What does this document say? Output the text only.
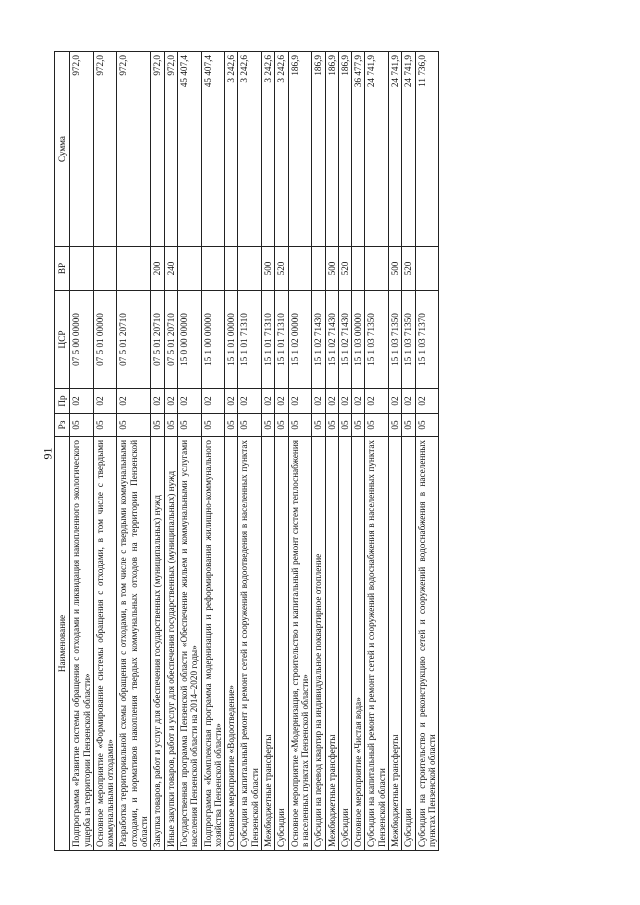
91
Наименование	Рз	Пр	ЦСР	ВР	Сумма
Подпрограмма «Развитие системы обращения с отходами и ликвидация накопленного экологического ущерба на территории Пензенской области»	05	02	07 5 00 00000		972,0
Основное мероприятие «Формирование системы обращения с отходами, в том числе с твердыми коммунальными отходами»	05	02	07 5 01 00000		972,0
Разработка территориальной схемы обращения с отходами, в том числе с твердыми коммунальными отходами, и нормативов накопления твердых коммунальных отходов на территории Пензенской области	05	02	07 5 01 20710		972,0
Закупка товаров, работ и услуг для обеспечения государственных (муниципальных) нужд	05	02	07 5 01 20710	200	972,0
Иные закупки товаров, работ и услуг для обеспечения государственных (муниципальных) нужд	05	02	07 5 01 20710	240	972,0
Государственная программа Пензенской области «Обеспечение жильем и коммунальными услугами населения Пензенской области на 2014–2020 годы»	05	02	15 0 00 00000		45 407,4
Подпрограмма «Комплексная программа модернизации и реформирования жилищно-коммунального хозяйства Пензенской области»	05	02	15 1 00 00000		45 407,4
Основное мероприятие «Водоотведение»	05	02	15 1 01 00000		3 242,6
Субсидии на капитальный ремонт и ремонт сетей и сооружений водоотведения в населенных пунктах Пензенской области	05	02	15 1 01 71310		3 242,6
Межбюджетные трансферты	05	02	15 1 01 71310	500	3 242,6
Субсидии	05	02	15 1 01 71310	520	3 242,6
Основное мероприятие «Модернизация, строительство и капитальный ремонт систем теплоснабжения в населенных пунктах Пензенской области»	05	02	15 1 02 00000		186,9
Субсидии на перевод квартир на индивидуальное поквартирное отопление	05	02	15 1 02 71430		186,9
Межбюджетные трансферты	05	02	15 1 02 71430	500	186,9
Субсидии	05	02	15 1 02 71430	520	186,9
Основное мероприятие «Чистая вода»	05	02	15 1 03 00000		36 477,9
Субсидии на капитальный ремонт и ремонт сетей и сооружений водоснабжения в населенных пунктах Пензенской области	05	02	15 1 03 71350		24 741,9
Межбюджетные трансферты	05	02	15 1 03 71350	500	24 741,9
Субсидии	05	02	15 1 03 71350	520	24 741,9
Субсидии на строительство и реконструкцию сетей и сооружений водоснабжения в населенных пунктах Пензенской области	05	02	15 1 03 71370		11 736,0
